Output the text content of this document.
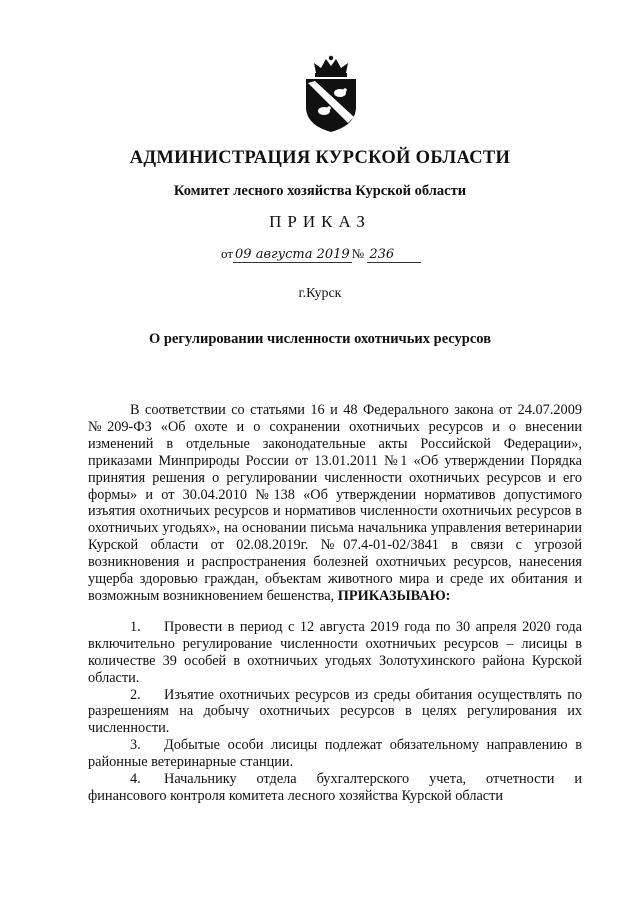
АДМИНИСТРАЦИЯ КУРСКОЙ ОБЛАСТИ
Комитет лесного хозяйства Курской области
ПРИКАЗ
от 09 августа 2019 № 236
г.Курск
О регулировании численности охотничьих ресурсов

В соответствии со статьями 16 и 48 Федерального закона от 24.07.2009 №209-ФЗ «Об охоте и о сохранении охотничьих ресурсов и о внесении изменений в отдельные законодательные акты Российской Федерации», приказами Минприроды России от 13.01.2011 №1 «Об утверждении Порядка принятия решения о регулировании численности охотничьих ресурсов и его формы» и от 30.04.2010 №138 «Об утверждении нормативов допустимого изъятия охотничьих ресурсов и нормативов численности охотничьих ресурсов в охотничьих угодьях», на основании письма начальника управления ветеринарии Курской области от 02.08.2019г. №07.4-01-02/3841 в связи с угрозой возникновения и распространения болезней охотничьих ресурсов, нанесения ущерба здоровью граждан, объектам животного мира и среде их обитания и возможным возникновением бешенства, ПРИКАЗЫВАЮ:

1. Провести в период с 12 августа 2019 года по 30 апреля 2020 года включительно регулирование численности охотничьих ресурсов – лисицы в количестве 39 особей в охотничьих угодьях Золотухинского района Курской области.

2. Изъятие охотничьих ресурсов из среды обитания осуществлять по разрешениям на добычу охотничьих ресурсов в целях регулирования их численности.

3. Добытые особи лисицы подлежат обязательному направлению в районные ветеринарные станции.

4. Начальнику отдела бухгалтерского учета, отчетности и финансового контроля комитета лесного хозяйства Курской области
